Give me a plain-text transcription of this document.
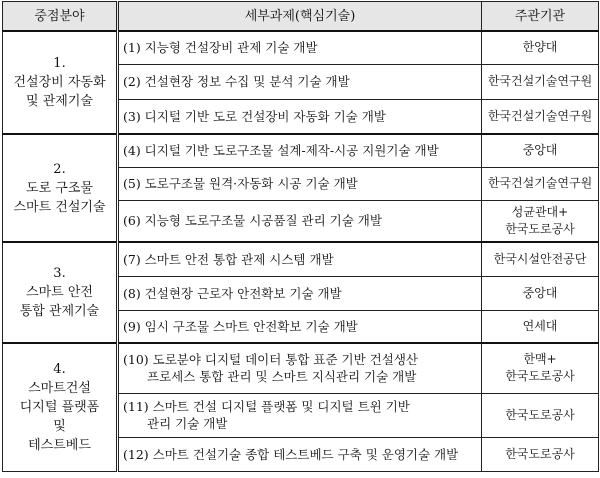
중점분야	세부과제(핵심기술)	주관기관

1.
건설장비 자동화
및 관제기술	(1) 지능형 건설장비 관제 기술 개발	한양대
	(2) 건설현장 정보 수집 및 분석 기술 개발	한국건설기술연구원
	(3) 디지털 기반 도로 건설장비 자동화 기술 개발	한국건설기술연구원

2.
도로 구조물
스마트 건설기술	(4) 디지털 기반 도로구조물 설계-제작-시공 지원기술 개발	중앙대
	(5) 도로구조물 원격·자동화 시공 기술 개발	한국건설기술연구원
	(6) 지능형 도로구조물 시공품질 관리 기술 개발	성균관대+
한국도로공사

3.
스마트 안전
통합 관제기술	(7) 스마트 안전 통합 관제 시스템 개발	한국시설안전공단
	(8) 건설현장 근로자 안전확보 기술 개발	중앙대
	(9) 임시 구조물 스마트 안전확보 기술 개발	연세대

4.
스마트건설
디지털 플랫폼
및
테스트베드	(10) 도로분야 디지털 데이터 통합 표준 기반 건설생산
프로세스 통합 관리 및 스마트 지식관리 기술 개발	한맥+
한국도로공사

	(11) 스마트 건설 디지털 플랫폼 및 디지털 트윈 기반
관리 기술 개발	한국도로공사
	(12) 스마트 건설기술 종합 테스트베드 구축 및 운영기술 개발	한국도로공사
